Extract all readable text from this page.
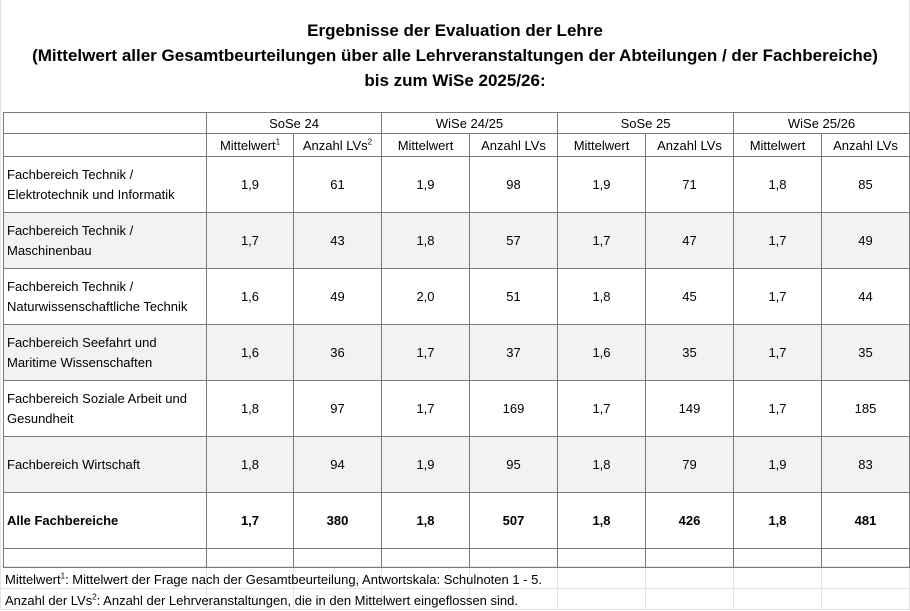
Ergebnisse der Evaluation der Lehre
(Mittelwert aller Gesamtbeurteilungen über alle Lehrveranstaltungen der Abteilungen / der Fachbereiche)
bis zum WiSe 2025/26:
	SoSe 24		WiSe 24/25		SoSe 25		WiSe 25/26	
	Mittelwert$^1$	Anzahl LVs$^2$	Mittelwert	Anzahl LVs	Mittelwert	Anzahl LVs	Mittelwert	Anzahl LVs
Fachbereich Technik /
Elektrotechnik und Informatik	1,9	61	1,9	98	1,9	71	1,8	85
Fachbereich Technik /
Maschinenbau	1,7	43	1,8	57	1,7	47	1,7	49
Fachbereich Technik /
Naturwissenschaftliche Technik	1,6	49	2,0	51	1,8	45	1,7	44
Fachbereich Seefahrt und
Maritime Wissenschaften	1,6	36	1,7	37	1,6	35	1,7	35
Fachbereich Soziale Arbeit und
Gesundheit	1,8	97	1,7	169	1,7	149	1,7	185
Fachbereich Wirtschaft	1,8	94	1,9	95	1,8	79	1,9	83
Alle Fachbereiche	1,7	380	1,8	507	1,8	426	1,8	481

Mittelwert$^1$: Mittelwert der Frage nach der Gesamtbeurteilung, Antwortskala: Schulnoten 1 - 5.
Anzahl der LVs$^2$: Anzahl der Lehrveranstaltungen, die in den Mittelwert eingeflossen sind.
